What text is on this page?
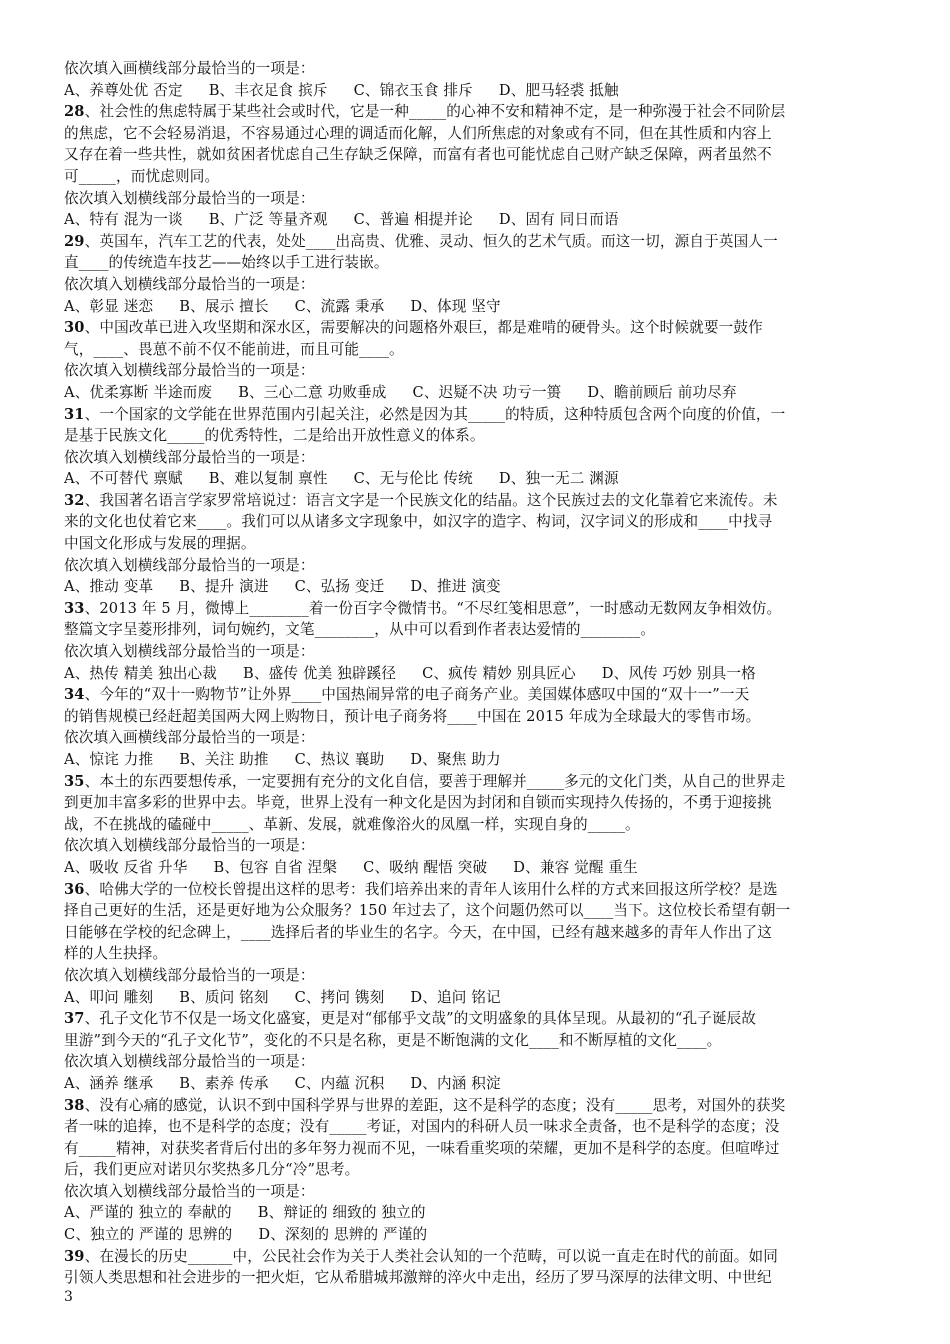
依次填入画横线部分最恰当的一项是：
A、养尊处优 否定 B、丰衣足食 摈斥 C、锦衣玉食 排斥 D、肥马轻裘 抵触
28、社会性的焦虑特属于某些社会或时代，它是一种_____的心神不安和精神不定，是一种弥漫于社会不同阶层
的焦虑，它不会轻易消退，不容易通过心理的调适而化解，人们所焦虑的对象或有不同，但在其性质和内容上
又存在着一些共性，就如贫困者忧虑自己生存缺乏保障，而富有者也可能忧虑自己财产缺乏保障，两者虽然不
可_____，而忧虑则同。
依次填入划横线部分最恰当的一项是：
A、特有 混为一谈 B、广泛 等量齐观 C、普遍 相提并论 D、固有 同日而语
29、英国车，汽车工艺的代表，处处____出高贵、优雅、灵动、恒久的艺术气质。而这一切，源自于英国人一
直____的传统造车技艺——始终以手工进行装嵌。
依次填入划横线部分最恰当的一项是：
A、彰显 迷恋 B、展示 擅长 C、流露 秉承 D、体现 坚守
30、中国改革已进入攻坚期和深水区，需要解决的问题格外艰巨，都是难啃的硬骨头。这个时候就要一鼓作
气，____、畏葸不前不仅不能前进，而且可能____。
依次填入划横线部分最恰当的一项是：
A、优柔寡断 半途而废 B、三心二意 功败垂成 C、迟疑不决 功亏一篑 D、瞻前顾后 前功尽弃
31、一个国家的文学能在世界范围内引起关注，必然是因为其_____的特质，这种特质包含两个向度的价值，一
是基于民族文化_____的优秀特性，二是给出开放性意义的体系。
依次填入划横线部分最恰当的一项是：
A、不可替代 禀赋 B、难以复制 禀性 C、无与伦比 传统 D、独一无二 渊源
32、我国著名语言学家罗常培说过：语言文字是一个民族文化的结晶。这个民族过去的文化靠着它来流传。未
来的文化也仗着它来____。我们可以从诸多文字现象中，如汉字的造字、构词，汉字词义的形成和____中找寻
中国文化形成与发展的理据。
依次填入划横线部分最恰当的一项是：
A、推动 变革 B、提升 演进 C、弘扬 变迁 D、推进 演变
33、2013 年 5 月，微博上________着一份百字令微情书。“不尽红笺相思意”，一时感动无数网友争相效仿。
整篇文字呈菱形排列，词句婉约，文笔________，从中可以看到作者表达爱情的________。
依次填入划横线部分最恰当的一项是：
A、热传 精美 独出心裁 B、盛传 优美 独辟蹊径 C、疯传 精妙 别具匠心 D、风传 巧妙 别具一格
34、今年的“双十一购物节”让外界____中国热闹异常的电子商务产业。美国媒体感叹中国的“双十一”一天
的销售规模已经赶超美国两大网上购物日，预计电子商务将____中国在 2015 年成为全球最大的零售市场。
依次填入画横线部分最恰当的一项是：
A、惊诧 力推 B、关注 助推 C、热议 襄助 D、聚焦 助力
35、本土的东西要想传承，一定要拥有充分的文化自信，要善于理解并_____多元的文化门类，从自己的世界走
到更加丰富多彩的世界中去。毕竟，世界上没有一种文化是因为封闭和自锁而实现持久传扬的，不勇于迎接挑
战，不在挑战的磕碰中_____、革新、发展，就难像浴火的凤凰一样，实现自身的_____。
依次填入划横线部分最恰当的一项是：
A、吸收 反省 升华 B、包容 自省 涅槃 C、吸纳 醒悟 突破 D、兼容 觉醒 重生
36、哈佛大学的一位校长曾提出这样的思考：我们培养出来的青年人该用什么样的方式来回报这所学校？是选
择自己更好的生活，还是更好地为公众服务？150 年过去了，这个问题仍然可以____当下。这位校长希望有朝一
日能够在学校的纪念碑上，____选择后者的毕业生的名字。今天，在中国，已经有越来越多的青年人作出了这
样的人生抉择。
依次填入划横线部分最恰当的一项是：
A、叩问 雕刻 B、质问 铭刻 C、拷问 镌刻 D、追问 铭记
37、孔子文化节不仅是一场文化盛宴，更是对“郁郁乎文哉”的文明盛象的具体呈现。从最初的“孔子诞辰故
里游”到今天的“孔子文化节”，变化的不只是名称，更是不断饱满的文化____和不断厚植的文化____。
依次填入划横线部分最恰当的一项是：
A、涵养 继承 B、素养 传承 C、内蕴 沉积 D、内涵 积淀
38、没有心痛的感觉，认识不到中国科学界与世界的差距，这不是科学的态度；没有_____思考，对国外的获奖
者一味的追捧，也不是科学的态度；没有_____考证，对国内的科研人员一味求全责备，也不是科学的态度；没
有_____精神，对获奖者背后付出的多年努力视而不见，一味看重奖项的荣耀，更加不是科学的态度。但喧哗过
后，我们更应对诺贝尔奖热多几分“冷”思考。
依次填入划横线部分最恰当的一项是：
A、严谨的 独立的 奉献的 B、辩证的 细致的 独立的
C、独立的 严谨的 思辨的 D、深刻的 思辨的 严谨的
39、在漫长的历史______中，公民社会作为关于人类社会认知的一个范畴，可以说一直走在时代的前面。如同
引领人类思想和社会进步的一把火炬，它从希腊城邦激辩的淬火中走出，经历了罗马深厚的法律文明、中世纪
3
